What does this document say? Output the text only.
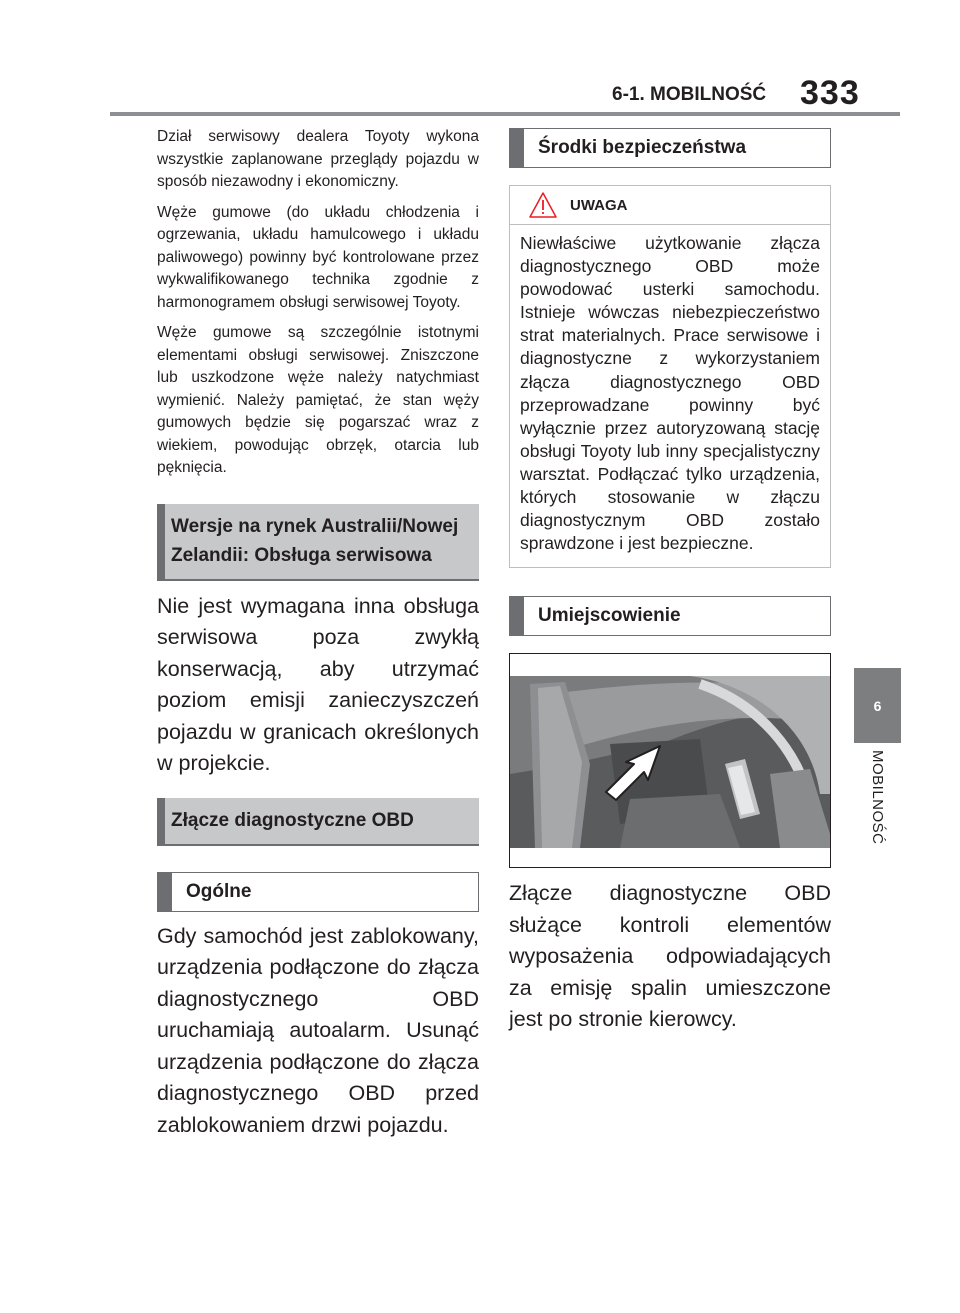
6-1. MOBILNOŚĆ 333
6
MOBILNOŚĆ

Dział serwisowy dealera Toyoty wykona wszystkie zaplanowane przeglądy pojazdu w sposób niezawodny i ekonomiczny.

Węże gumowe (do układu chłodzenia i ogrzewania, układu hamulcowego i układu paliwowego) powinny być kontrolowane przez wykwalifikowanego technika zgodnie z harmonogramem obsługi serwisowej Toyoty.

Węże gumowe są szczególnie istotnymi elementami obsługi serwisowej. Zniszczone lub uszkodzone węże należy natychmiast wymienić. Należy pamiętać, że stan węży gumowych będzie się pogarszać wraz z wiekiem, powodując obrzęk, otarcia lub pęknięcia.

Wersje na rynek Australii/Nowej Zelandii: Obsługa serwisowa

Nie jest wymagana inna obsługa serwisowa poza zwykłą konserwacją, aby utrzymać poziom emisji zanieczyszczeń pojazdu w granicach określonych w projekcie.

Złącze diagnostyczne OBD
Ogólne

Gdy samochód jest zablokowany, urządzenia podłączone do złącza diagnostycznego OBD uruchamiają autoalarm. Usunąć urządzenia podłączone do złącza diagnostycznego OBD przed zablokowaniem drzwi pojazdu.

Środki bezpieczeństwa
UWAGA

Niewłaściwe użytkowanie złącza diagnostycznego OBD może powodować usterki samochodu. Istnieje wówczas niebezpieczeństwo strat materialnych. Prace serwisowe i diagnostyczne z wykorzystaniem złącza diagnostycznego OBD przeprowadzane powinny być wyłącznie przez autoryzowaną stację obsługi Toyoty lub inny specjalistyczny warsztat. Podłączać tylko urządzenia, których stosowanie w złączu diagnostycznym OBD zostało sprawdzone i jest bezpieczne.

Umiejscowienie

Złącze diagnostyczne OBD służące kontroli elementów wyposażenia odpowiadających za emisję spalin umieszczone jest po stronie kierowcy.
